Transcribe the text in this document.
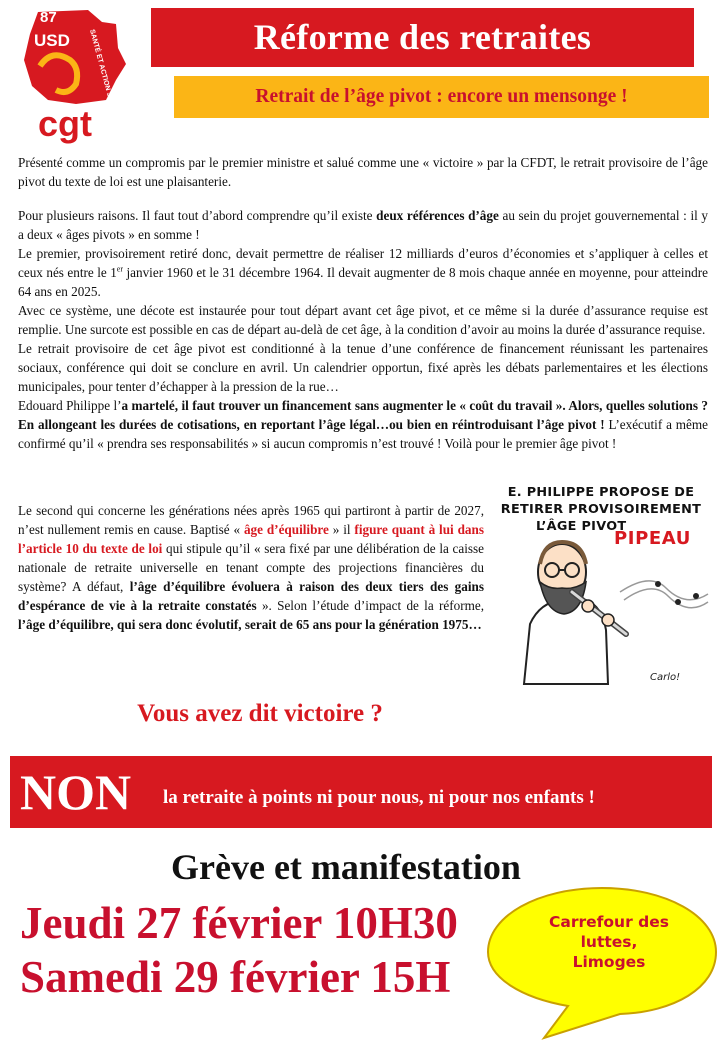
87
USD	SANTÉ ET ACTION SOCIALE
cgt
Réforme des retraites
Retrait de l’âge pivot : encore un mensonge !

Présenté comme un compromis par le premier ministre et salué comme une « victoire » par la CFDT, le retrait provisoire de l’âge pivot du texte de loi est une plaisanterie.

Pour plusieurs raisons. Il faut tout d’abord comprendre qu’il existe deux références d’âge au sein du projet gouvernemental : il y a deux « âges pivots » en somme !

Le premier, provisoirement retiré donc, devait permettre de réaliser 12 milliards d’euros d’économies et s’appliquer à celles et ceux nés entre le 1er janvier 1960 et le 31 décembre 1964. Il devait augmenter de 8 mois chaque année en moyenne, pour atteindre 64 ans en 2025.

Avec ce système, une décote est instaurée pour tout départ avant cet âge pivot, et ce même si la durée d’assurance requise est remplie. Une surcote est possible en cas de départ au-delà de cet âge, à la condition d’avoir au moins la durée d’assurance requise.

Le retrait provisoire de cet âge pivot est conditionné à la tenue d’une conférence de financement réunissant les partenaires sociaux, conférence qui doit se conclure en avril. Un calendrier opportun, fixé après les débats parlementaires et les élections municipales, pour tenter d’échapper à la pression de la rue…

Edouard Philippe l’a martelé, il faut trouver un financement sans augmenter le « coût du travail ». Alors, quelles solutions ? En allongeant les durées de cotisations, en reportant l’âge légal…ou bien en réintroduisant l’âge pivot ! L’exécutif a même confirmé qu’il « prendra ses responsabilités » si aucun compromis n’est trouvé ! Voilà pour le premier âge pivot !

Le second qui concerne les générations nées après 1965 qui partiront à partir de 2027, n’est nullement remis en cause. Baptisé « âge d’équilibre » il figure quant à lui dans l’article 10 du texte de loi qui stipule qu’il « sera fixé par une délibération de la caisse nationale de retraite universelle en tenant compte des projections financières du système? A défaut, l’âge d’équilibre évoluera à raison des deux tiers des gains d’espérance de vie à la retraite constatés ». Selon l’étude d’impact de la réforme, l’âge d’équilibre, qui sera donc évolutif, serait de 65 ans pour la génération 1975…

E. PHILIPPE PROPOSE DE
RETIRER PROVISOIREMENT
L’ÂGE PIVOT
PIPEAU
Carlo!
Vous avez dit victoire ?
NON la retraite à points ni pour nous, ni pour nos enfants !
Grève et manifestation
Jeudi 27 février 10H30
Samedi 29 février 15H
Carrefour des
luttes,
Limoges
